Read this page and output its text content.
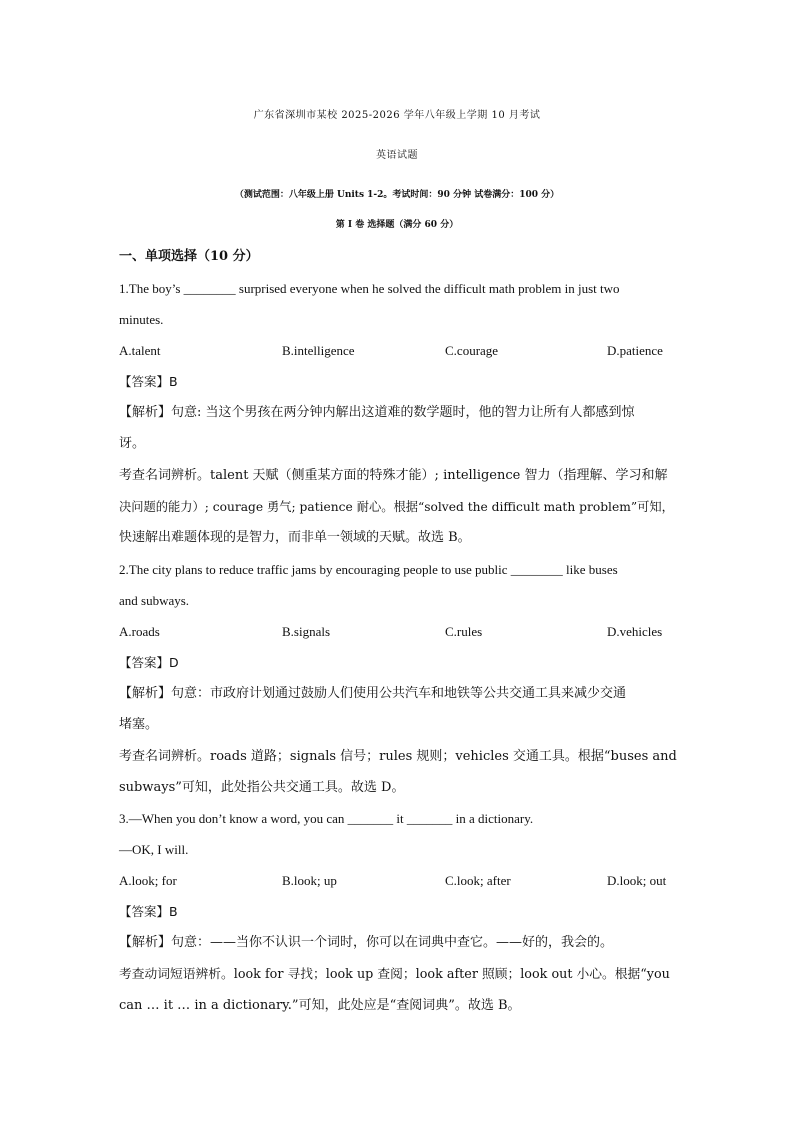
广东省深圳市某校 2025-2026 学年八年级上学期 10 月考试
英语试题
（测试范围：八年级上册 Units 1-2。考试时间：90 分钟 试卷满分：100 分）
第 I 卷 选择题（满分 60 分）
一、单项选择（10 分）
1.The boy’s ________ surprised everyone when he solved the difficult math problem in just two
minutes.
A.talent	B.intelligence	C.courage	D.patience
【答案】B
【解析】句意: 当这个男孩在两分钟内解出这道难的数学题时，他的智力让所有人都感到惊
讶。
考查名词辨析。talent 天赋（侧重某方面的特殊才能）; intelligence 智力（指理解、学习和解
决问题的能力）; courage 勇气; patience 耐心。根据“solved the difficult math problem”可知，
快速解出难题体现的是智力，而非单一领域的天赋。故选 B。
2.The city plans to reduce traffic jams by encouraging people to use public ________ like buses
and subways.
A.roads	B.signals	C.rules	D.vehicles
【答案】D
【解析】句意：市政府计划通过鼓励人们使用公共汽车和地铁等公共交通工具来减少交通
堵塞。
考查名词辨析。roads 道路；signals 信号；rules 规则；vehicles 交通工具。根据“buses and
subways”可知，此处指公共交通工具。故选 D。
3.—When you don’t know a word, you can _______ it _______ in a dictionary.
—OK, I will.
A.look; for	B.look; up	C.look; after	D.look; out
【答案】B
【解析】句意：——当你不认识一个词时，你可以在词典中查它。——好的，我会的。
考查动词短语辨析。look for 寻找；look up 查阅；look after 照顾；look out 小心。根据“you
can … it … in a dictionary.”可知，此处应是“查阅词典”。故选 B。
